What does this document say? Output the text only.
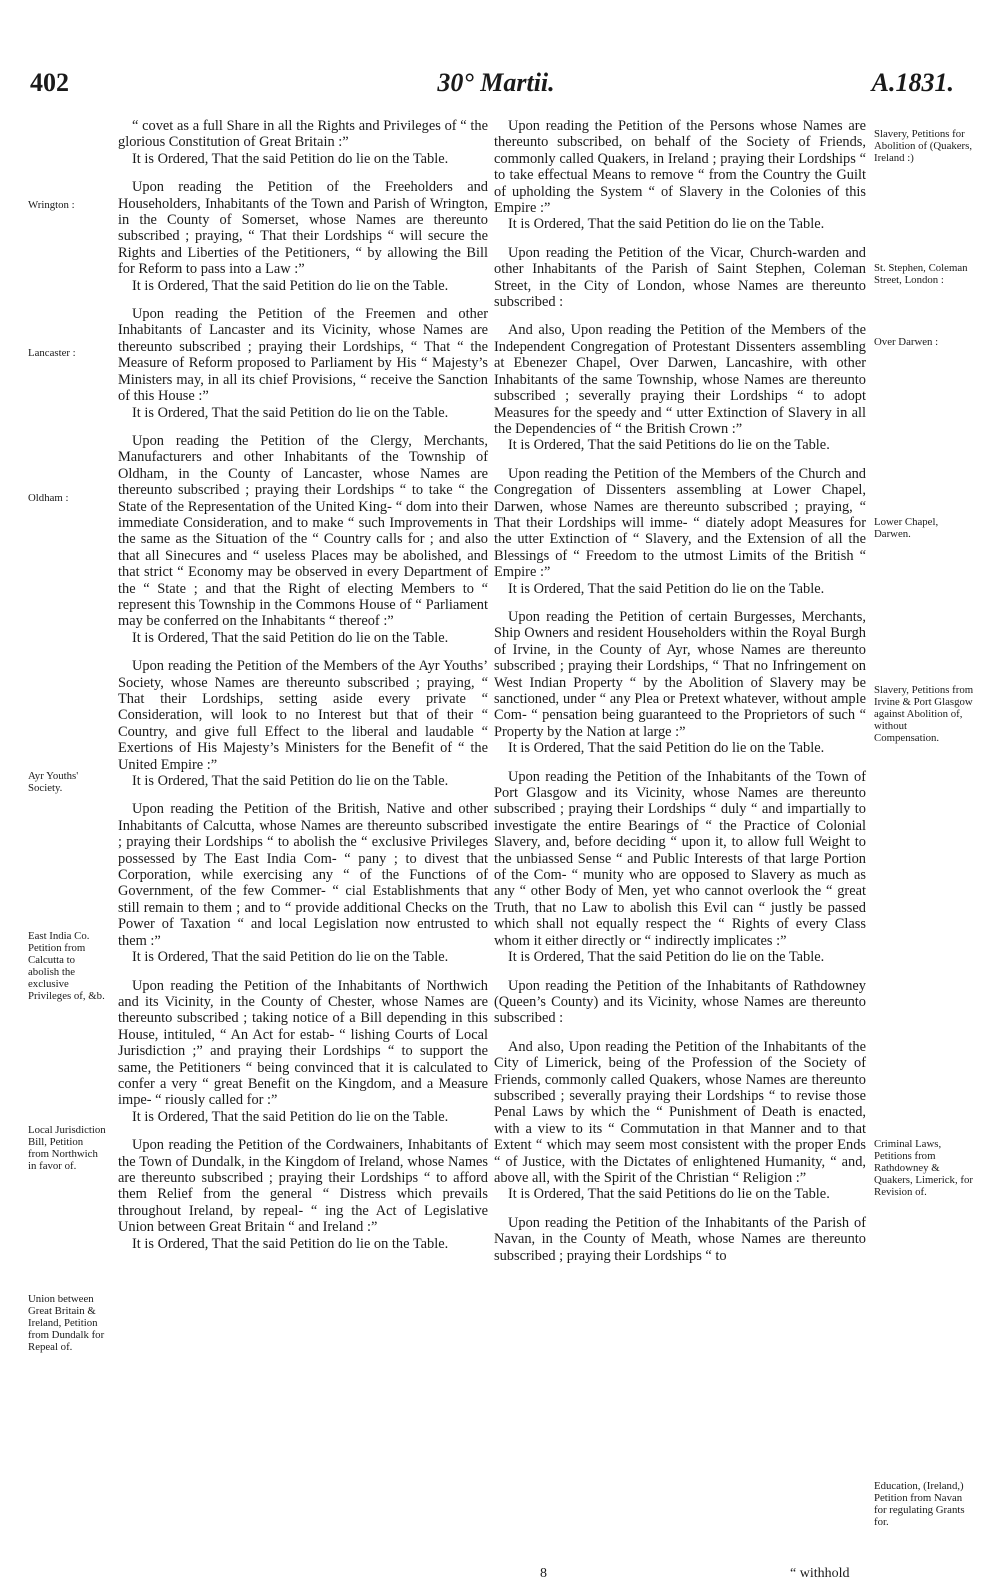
402	30° Martii.	A.1831.
Wrington :
Lancaster :
Oldham :
Ayr Youths' Society.
East India Co. Petition from Calcutta to abolish the exclusive Privileges of, &b.
Local Jurisdiction Bill, Petition from Northwich in favor of.
Union between Great Britain & Ireland, Petition from Dundalk for Repeal of.
Slavery, Petitions for Abolition of (Quakers, Ireland :)
St. Stephen, Coleman Street, London :
Over Darwen :
Lower Chapel, Darwen.
Slavery, Petitions from Irvine & Port Glasgow against Abolition of, without Compensation.
Criminal Laws, Petitions from Rathdowney & Quakers, Limerick, for Revision of.
Education, (Ireland,) Petition from Navan for regulating Grants for.

“ covet as a full Share in all the Rights and Privileges of “ the glorious Constitution of Great Britain :”

It is Ordered, That the said Petition do lie on the Table.

Upon reading the Petition of the Freeholders and Householders, Inhabitants of the Town and Parish of Wrington, in the County of Somerset, whose Names are thereunto subscribed ; praying, “ That their Lordships “ will secure the Rights and Liberties of the Petitioners, “ by allowing the Bill for Reform to pass into a Law :”

It is Ordered, That the said Petition do lie on the Table.

Upon reading the Petition of the Freemen and other Inhabitants of Lancaster and its Vicinity, whose Names are thereunto subscribed ; praying their Lordships, “ That “ the Measure of Reform proposed to Parliament by His “ Majesty’s Ministers may, in all its chief Provisions, “ receive the Sanction of this House :”

It is Ordered, That the said Petition do lie on the Table.

Upon reading the Petition of the Clergy, Merchants, Manufacturers and other Inhabitants of the Township of Oldham, in the County of Lancaster, whose Names are thereunto subscribed ; praying their Lordships “ to take “ the State of the Representation of the United King- “ dom into their immediate Consideration, and to make “ such Improvements in the same as the Situation of the “ Country calls for ; and also that all Sinecures and “ useless Places may be abolished, and that strict “ Economy may be observed in every Department of the “ State ; and that the Right of electing Members to “ represent this Township in the Commons House of “ Parliament may be conferred on the Inhabitants “ thereof :”

It is Ordered, That the said Petition do lie on the Table.

Upon reading the Petition of the Members of the Ayr Youths’ Society, whose Names are thereunto subscribed ; praying, “ That their Lordships, setting aside every private “ Consideration, will look to no Interest but that of their “ Country, and give full Effect to the liberal and laudable “ Exertions of His Majesty’s Ministers for the Benefit of “ the United Empire :”

It is Ordered, That the said Petition do lie on the Table.

Upon reading the Petition of the British, Native and other Inhabitants of Calcutta, whose Names are thereunto subscribed ; praying their Lordships “ to abolish the “ exclusive Privileges possessed by The East India Com- “ pany ; to divest that Corporation, while exercising any “ of the Functions of Government, of the few Commer- “ cial Establishments that still remain to them ; and to “ provide additional Checks on the Power of Taxation “ and local Legislation now entrusted to them :”

It is Ordered, That the said Petition do lie on the Table.

Upon reading the Petition of the Inhabitants of Northwich and its Vicinity, in the County of Chester, whose Names are thereunto subscribed ; taking notice of a Bill depending in this House, intituled, “ An Act for estab- “ lishing Courts of Local Jurisdiction ;” and praying their Lordships “ to support the same, the Petitioners “ being convinced that it is calculated to confer a very “ great Benefit on the Kingdom, and a Measure impe- “ riously called for :”

It is Ordered, That the said Petition do lie on the Table.

Upon reading the Petition of the Cordwainers, Inhabitants of the Town of Dundalk, in the Kingdom of Ireland, whose Names are thereunto subscribed ; praying their Lordships “ to afford them Relief from the general “ Distress which prevails throughout Ireland, by repeal- “ ing the Act of Legislative Union between Great Britain “ and Ireland :”

It is Ordered, That the said Petition do lie on the Table.

Upon reading the Petition of the Persons whose Names are thereunto subscribed, on behalf of the Society of Friends, commonly called Quakers, in Ireland ; praying their Lordships “ to take effectual Means to remove “ from the Country the Guilt of upholding the System “ of Slavery in the Colonies of this Empire :”

It is Ordered, That the said Petition do lie on the Table.

Upon reading the Petition of the Vicar, Church-warden and other Inhabitants of the Parish of Saint Stephen, Coleman Street, in the City of London, whose Names are thereunto subscribed :

And also, Upon reading the Petition of the Members of the Independent Congregation of Protestant Dissenters assembling at Ebenezer Chapel, Over Darwen, Lancashire, with other Inhabitants of the same Township, whose Names are thereunto subscribed ; severally praying their Lordships “ to adopt Measures for the speedy and “ utter Extinction of Slavery in all the Dependencies of “ the British Crown :”

It is Ordered, That the said Petitions do lie on the Table.

Upon reading the Petition of the Members of the Church and Congregation of Dissenters assembling at Lower Chapel, Darwen, whose Names are thereunto subscribed ; praying, “ That their Lordships will imme- “ diately adopt Measures for the utter Extinction of “ Slavery, and the Extension of all the Blessings of “ Freedom to the utmost Limits of the British “ Empire :”

It is Ordered, That the said Petition do lie on the Table.

Upon reading the Petition of certain Burgesses, Merchants, Ship Owners and resident Householders within the Royal Burgh of Irvine, in the County of Ayr, whose Names are thereunto subscribed ; praying their Lordships, “ That no Infringement on West Indian Property “ by the Abolition of Slavery may be sanctioned, under “ any Plea or Pretext whatever, without ample Com- “ pensation being guaranteed to the Proprietors of such “ Property by the Nation at large :”

It is Ordered, That the said Petition do lie on the Table.

Upon reading the Petition of the Inhabitants of the Town of Port Glasgow and its Vicinity, whose Names are thereunto subscribed ; praying their Lordships “ duly “ and impartially to investigate the entire Bearings of “ the Practice of Colonial Slavery, and, before deciding “ upon it, to allow full Weight to the unbiassed Sense “ and Public Interests of that large Portion of the Com- “ munity who are opposed to Slavery as much as any “ other Body of Men, yet who cannot overlook the “ great Truth, that no Law to abolish this Evil can “ justly be passed which shall not equally respect the “ Rights of every Class whom it either directly or “ indirectly implicates :”

It is Ordered, That the said Petition do lie on the Table.

Upon reading the Petition of the Inhabitants of Rathdowney (Queen’s County) and its Vicinity, whose Names are thereunto subscribed :

And also, Upon reading the Petition of the Inhabitants of the City of Limerick, being of the Profession of the Society of Friends, commonly called Quakers, whose Names are thereunto subscribed ; severally praying their Lordships “ to revise those Penal Laws by which the “ Punishment of Death is enacted, with a view to its “ Commutation in that Manner and to that Extent “ which may seem most consistent with the proper Ends “ of Justice, with the Dictates of enlightened Humanity, “ and, above all, with the Spirit of the Christian “ Religion :”

It is Ordered, That the said Petitions do lie on the Table.

Upon reading the Petition of the Inhabitants of the Parish of Navan, in the County of Meath, whose Names are thereunto subscribed ; praying their Lordships “ to

8	“ withhold
